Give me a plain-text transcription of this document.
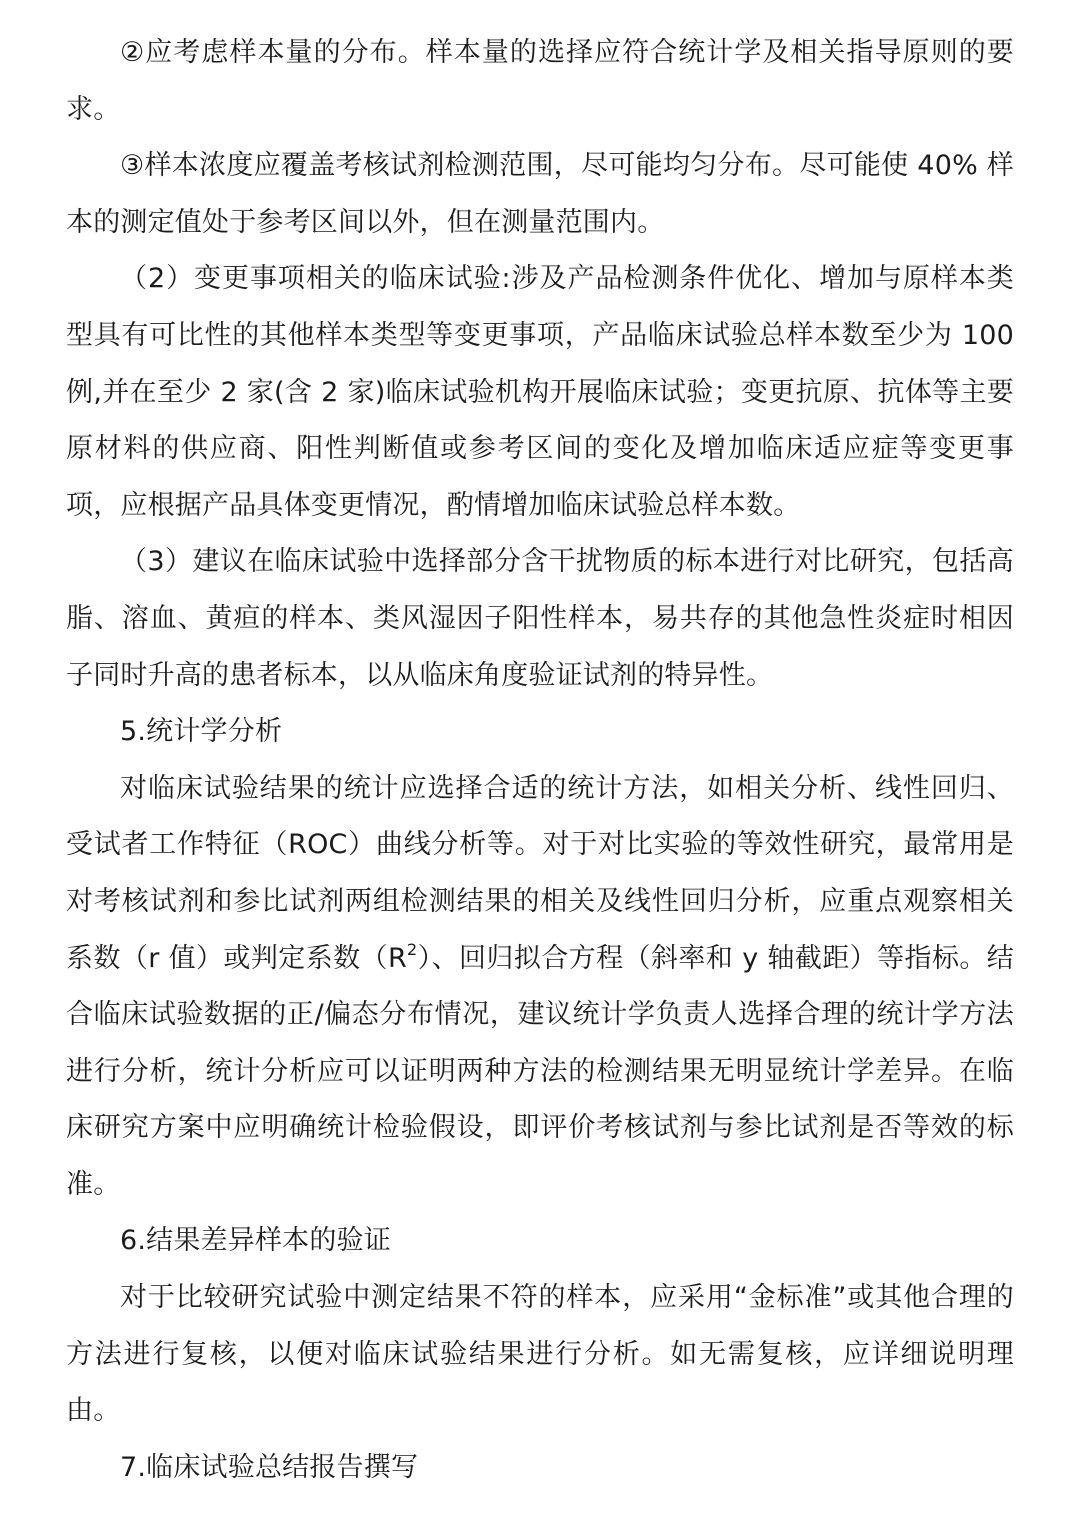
②应考虑样本量的分布。样本量的选择应符合统计学及相关指导原则的要求。

③样本浓度应覆盖考核试剂检测范围，尽可能均匀分布。尽可能使 40% 样本的测定值处于参考区间以外，但在测量范围内。

（2）变更事项相关的临床试验:涉及产品检测条件优化、增加与原样本类型具有可比性的其他样本类型等变更事项，产品临床试验总样本数至少为 100 例,并在至少 2 家(含 2 家)临床试验机构开展临床试验；变更抗原、抗体等主要原材料的供应商、阳性判断值或参考区间的变化及增加临床适应症等变更事项，应根据产品具体变更情况，酌情增加临床试验总样本数。

（3）建议在临床试验中选择部分含干扰物质的标本进行对比研究，包括高脂、溶血、黄疸的样本、类风湿因子阳性样本，易共存的其他急性炎症时相因子同时升高的患者标本，以从临床角度验证试剂的特异性。

5.统计学分析

对临床试验结果的统计应选择合适的统计方法，如相关分析、线性回归、受试者工作特征（ROC）曲线分析等。对于对比实验的等效性研究，最常用是对考核试剂和参比试剂两组检测结果的相关及线性回归分析，应重点观察相关系数（r 值）或判定系数$(R^2)$、回归拟合方程（斜率和 y 轴截距）等指标。结合临床试验数据的正/偏态分布情况，建议统计学负责人选择合理的统计学方法进行分析，统计分析应可以证明两种方法的检测结果无明显统计学差异。在临床研究方案中应明确统计检验假设，即评价考核试剂与参比试剂是否等效的标准。

6.结果差异样本的验证

对于比较研究试验中测定结果不符的样本，应采用“金标准”或其他合理的方法进行复核，以便对临床试验结果进行分析。如无需复核，应详细说明理由。

7.临床试验总结报告撰写
